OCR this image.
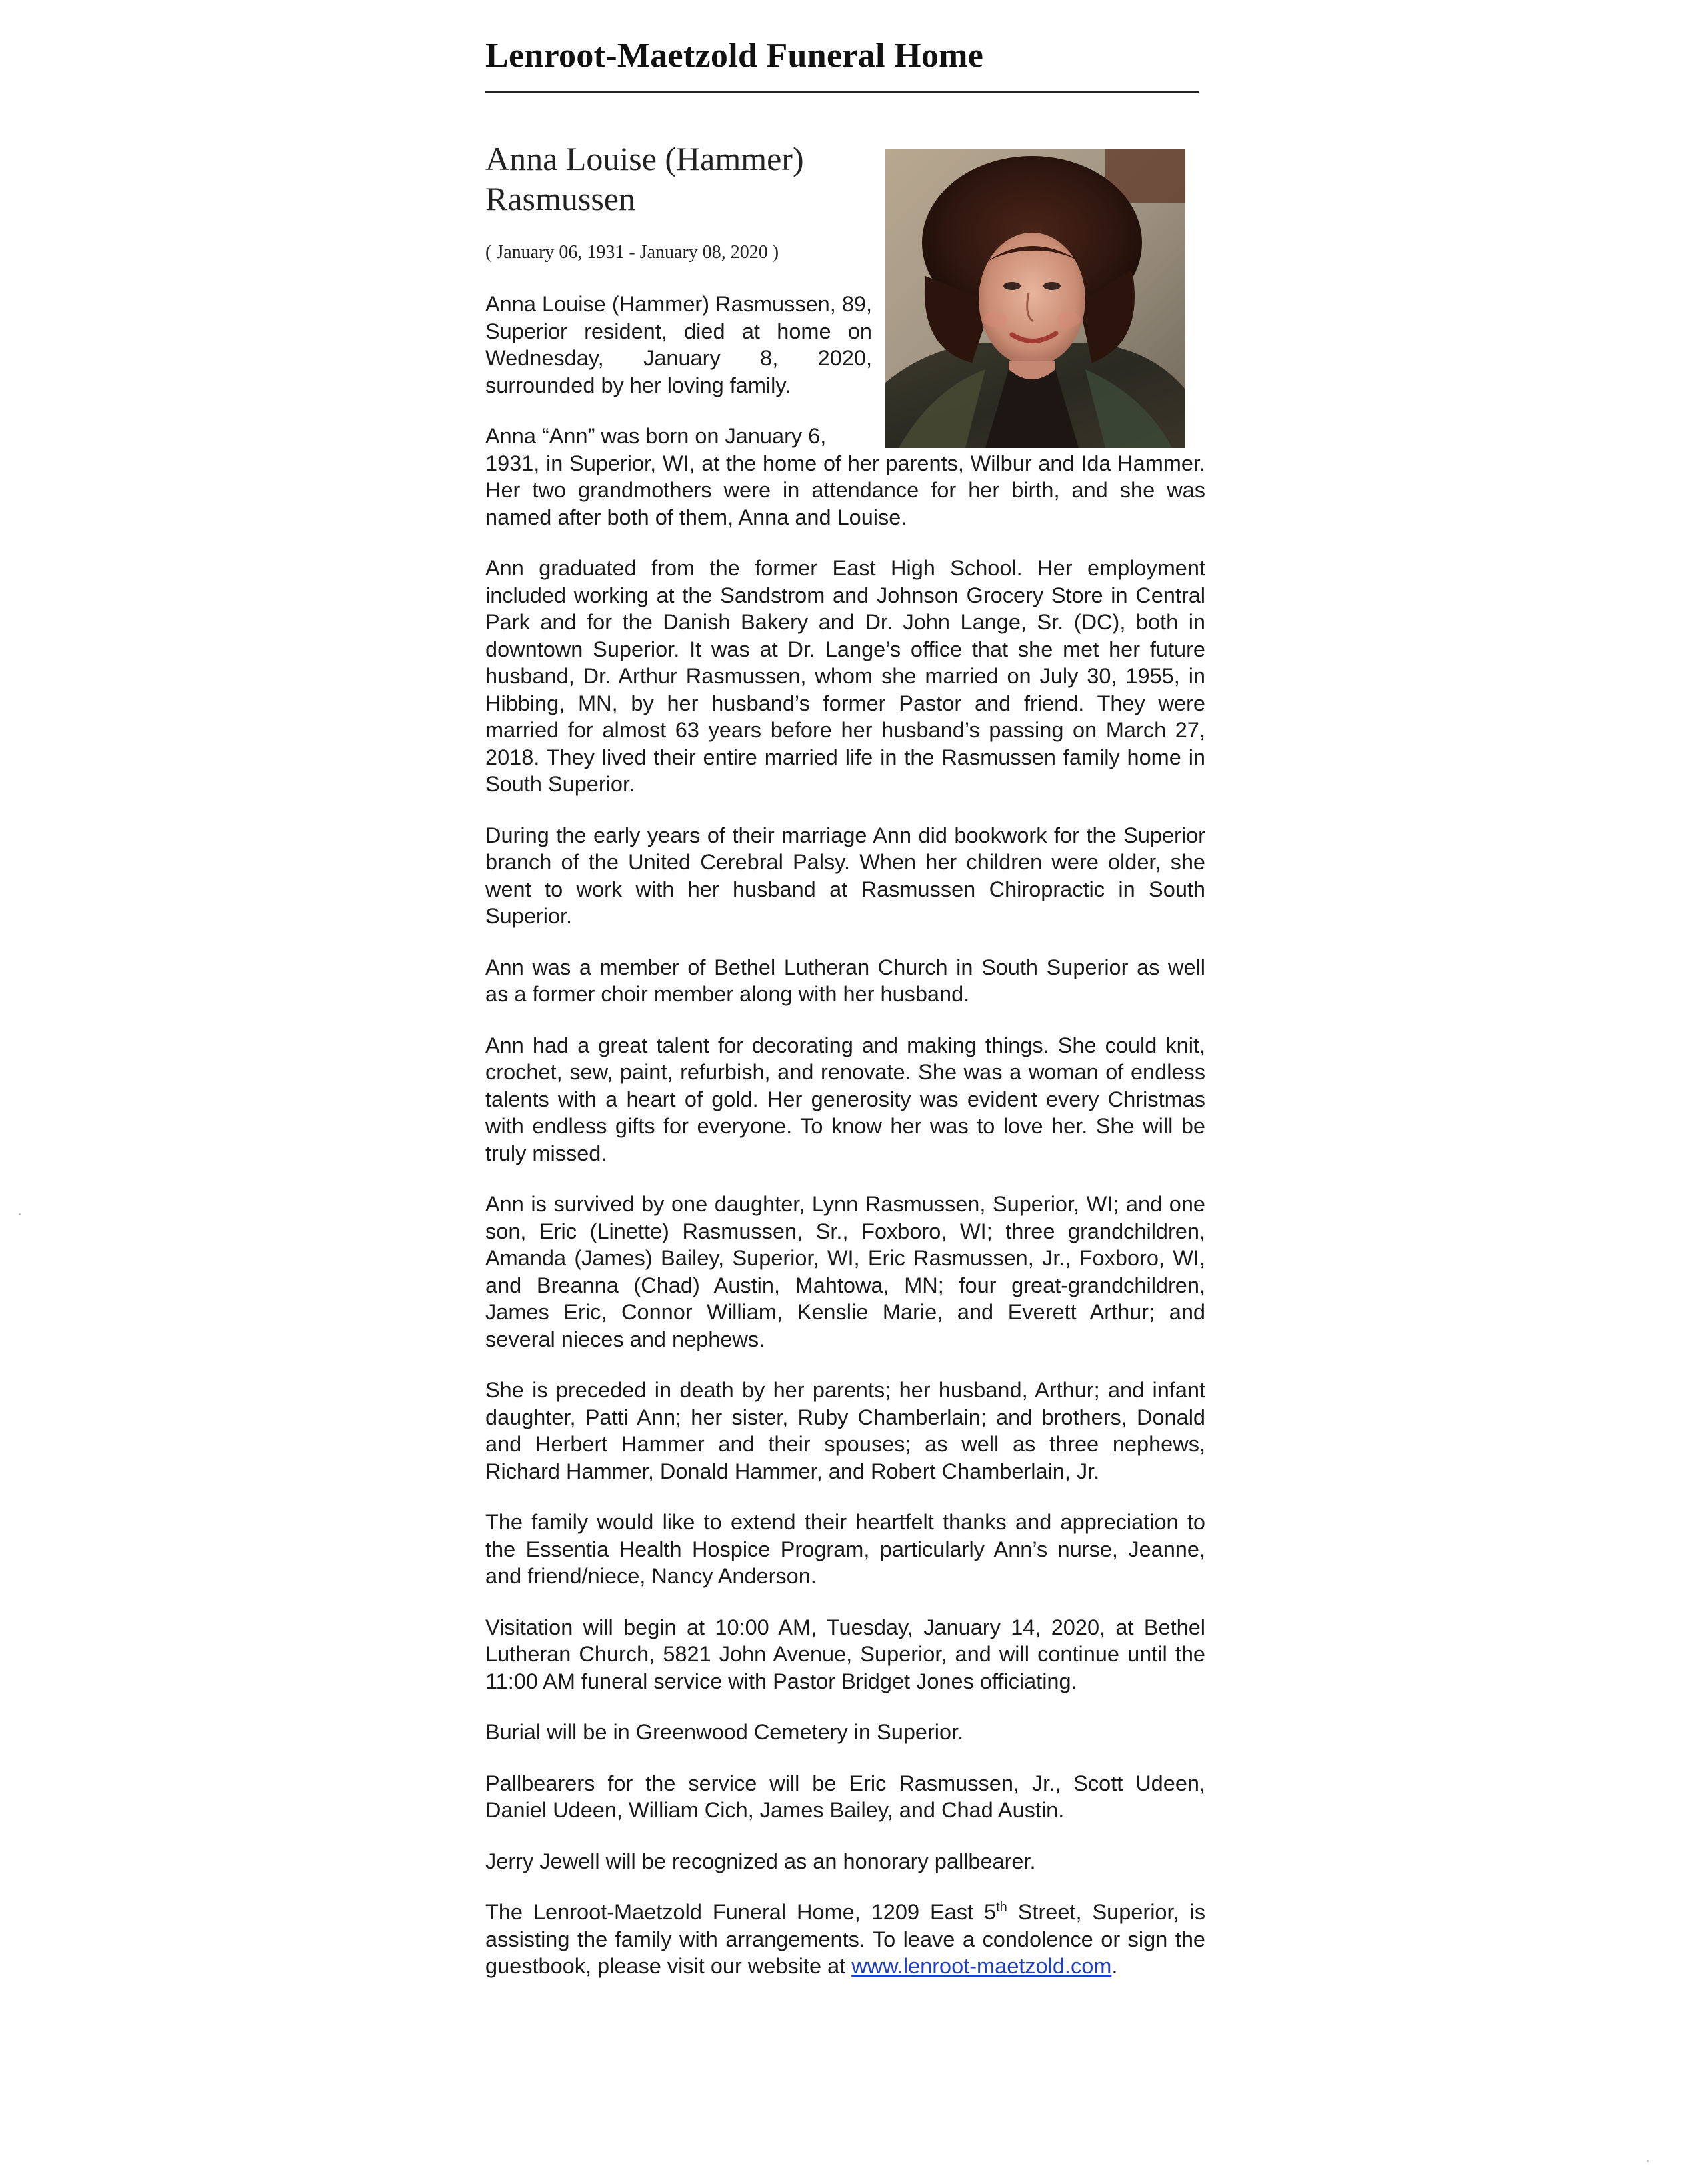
Lenroot-Maetzold Funeral Home
Anna Louise (Hammer)
Rasmussen
( January 06, 1931 - January 08, 2020 )

Anna Louise (Hammer) Rasmussen, 89, Superior resident, died at home on Wednesday, January 8, 2020, surrounded by her loving family.

Anna “Ann” was born on January 6,
1931, in Superior, WI, at the home of her parents, Wilbur and Ida Hammer. Her two grandmothers were in attendance for her birth, and she was named after both of them, Anna and Louise.

Ann graduated from the former East High School. Her employment included working at the Sandstrom and Johnson Grocery Store in Central Park and for the Danish Bakery and Dr. John Lange, Sr. (DC), both in downtown Superior. It was at Dr. Lange’s office that she met her future husband, Dr. Arthur Rasmussen, whom she married on July 30, 1955, in Hibbing, MN, by her husband’s former Pastor and friend. They were married for almost 63 years before her husband’s passing on March 27, 2018. They lived their entire married life in the Rasmussen family home in South Superior.

During the early years of their marriage Ann did bookwork for the Superior branch of the United Cerebral Palsy. When her children were older, she went to work with her husband at Rasmussen Chiropractic in South Superior.

Ann was a member of Bethel Lutheran Church in South Superior as well as a former choir member along with her husband.

Ann had a great talent for decorating and making things. She could knit, crochet, sew, paint, refurbish, and renovate. She was a woman of endless talents with a heart of gold. Her generosity was evident every Christmas with endless gifts for everyone. To know her was to love her. She will be truly missed.

Ann is survived by one daughter, Lynn Rasmussen, Superior, WI; and one son, Eric (Linette) Rasmussen, Sr., Foxboro, WI; three grandchildren, Amanda (James) Bailey, Superior, WI, Eric Rasmussen, Jr., Foxboro, WI, and Breanna (Chad) Austin, Mahtowa, MN; four great-grandchildren, James Eric, Connor William, Kenslie Marie, and Everett Arthur; and several nieces and nephews.

She is preceded in death by her parents; her husband, Arthur; and infant daughter, Patti Ann; her sister, Ruby Chamberlain; and brothers, Donald and Herbert Hammer and their spouses; as well as three nephews, Richard Hammer, Donald Hammer, and Robert Chamberlain, Jr.

The family would like to extend their heartfelt thanks and appreciation to the Essentia Health Hospice Program, particularly Ann’s nurse, Jeanne, and friend/niece, Nancy Anderson.

Visitation will begin at 10:00 AM, Tuesday, January 14, 2020, at Bethel Lutheran Church, 5821 John Avenue, Superior, and will continue until the 11:00 AM funeral service with Pastor Bridget Jones officiating.

Burial will be in Greenwood Cemetery in Superior.

Pallbearers for the service will be Eric Rasmussen, Jr., Scott Udeen, Daniel Udeen, William Cich, James Bailey, and Chad Austin.

Jerry Jewell will be recognized as an honorary pallbearer.

The Lenroot-Maetzold Funeral Home, 1209 East 5th Street, Superior, is assisting the family with arrangements. To leave a condolence or sign the guestbook, please visit our website at www.lenroot-maetzold.com.
